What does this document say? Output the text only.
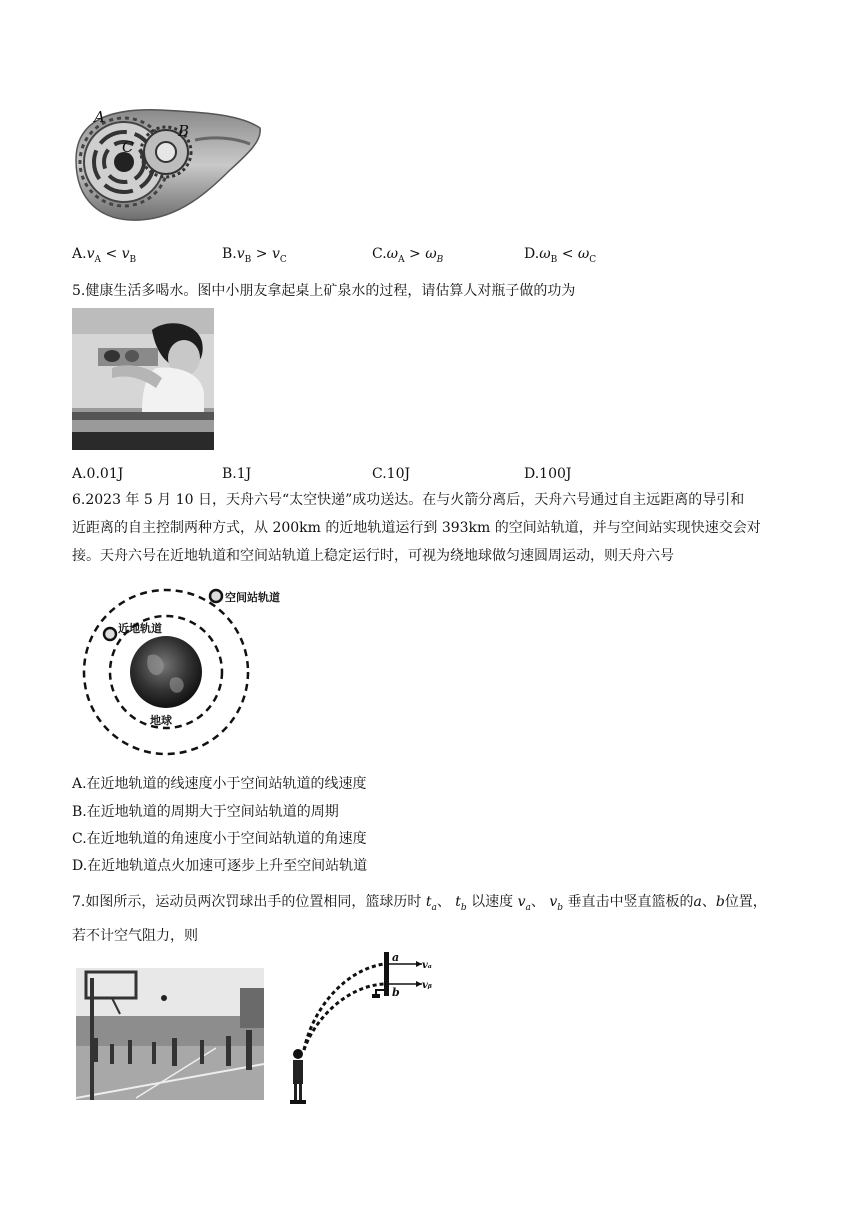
A
B
C
$A.v_A < v_B$	$B.v_B > v_C$	$C.\omega_A > \omega_B$	$D.\omega_B < \omega_C$
5.健康生活多喝水。图中小朋友拿起桌上矿泉水的过程，请估算人对瓶子做的功为
A.0.01J	B.1J	C.10J	D.100J
6.2023 年 5 月 10 日，天舟六号“太空快递”成功送达。在与火箭分离后，天舟六号通过自主远距离的导引和
近距离的自主控制两种方式，从 200km 的近地轨道运行到 393km 的空间站轨道，并与空间站实现快速交会对
接。天舟六号在近地轨道和空间站轨道上稳定运行时，可视为绕地球做匀速圆周运动，则天舟六号
空间站轨道
近地轨道
地球
A.在近地轨道的线速度小于空间站轨道的线速度
B.在近地轨道的周期大于空间站轨道的周期
C.在近地轨道的角速度小于空间站轨道的角速度
D.在近地轨道点火加速可逐步上升至空间站轨道
7.如图所示，运动员两次罚球出手的位置相同，篮球历时 $t_a$、 $t_b$ 以速度 $v_a$、 $v_b$ 垂直击中竖直篮板的a、b位置，
若不计空气阻力，则
a
b
vₐ
vᵦ
